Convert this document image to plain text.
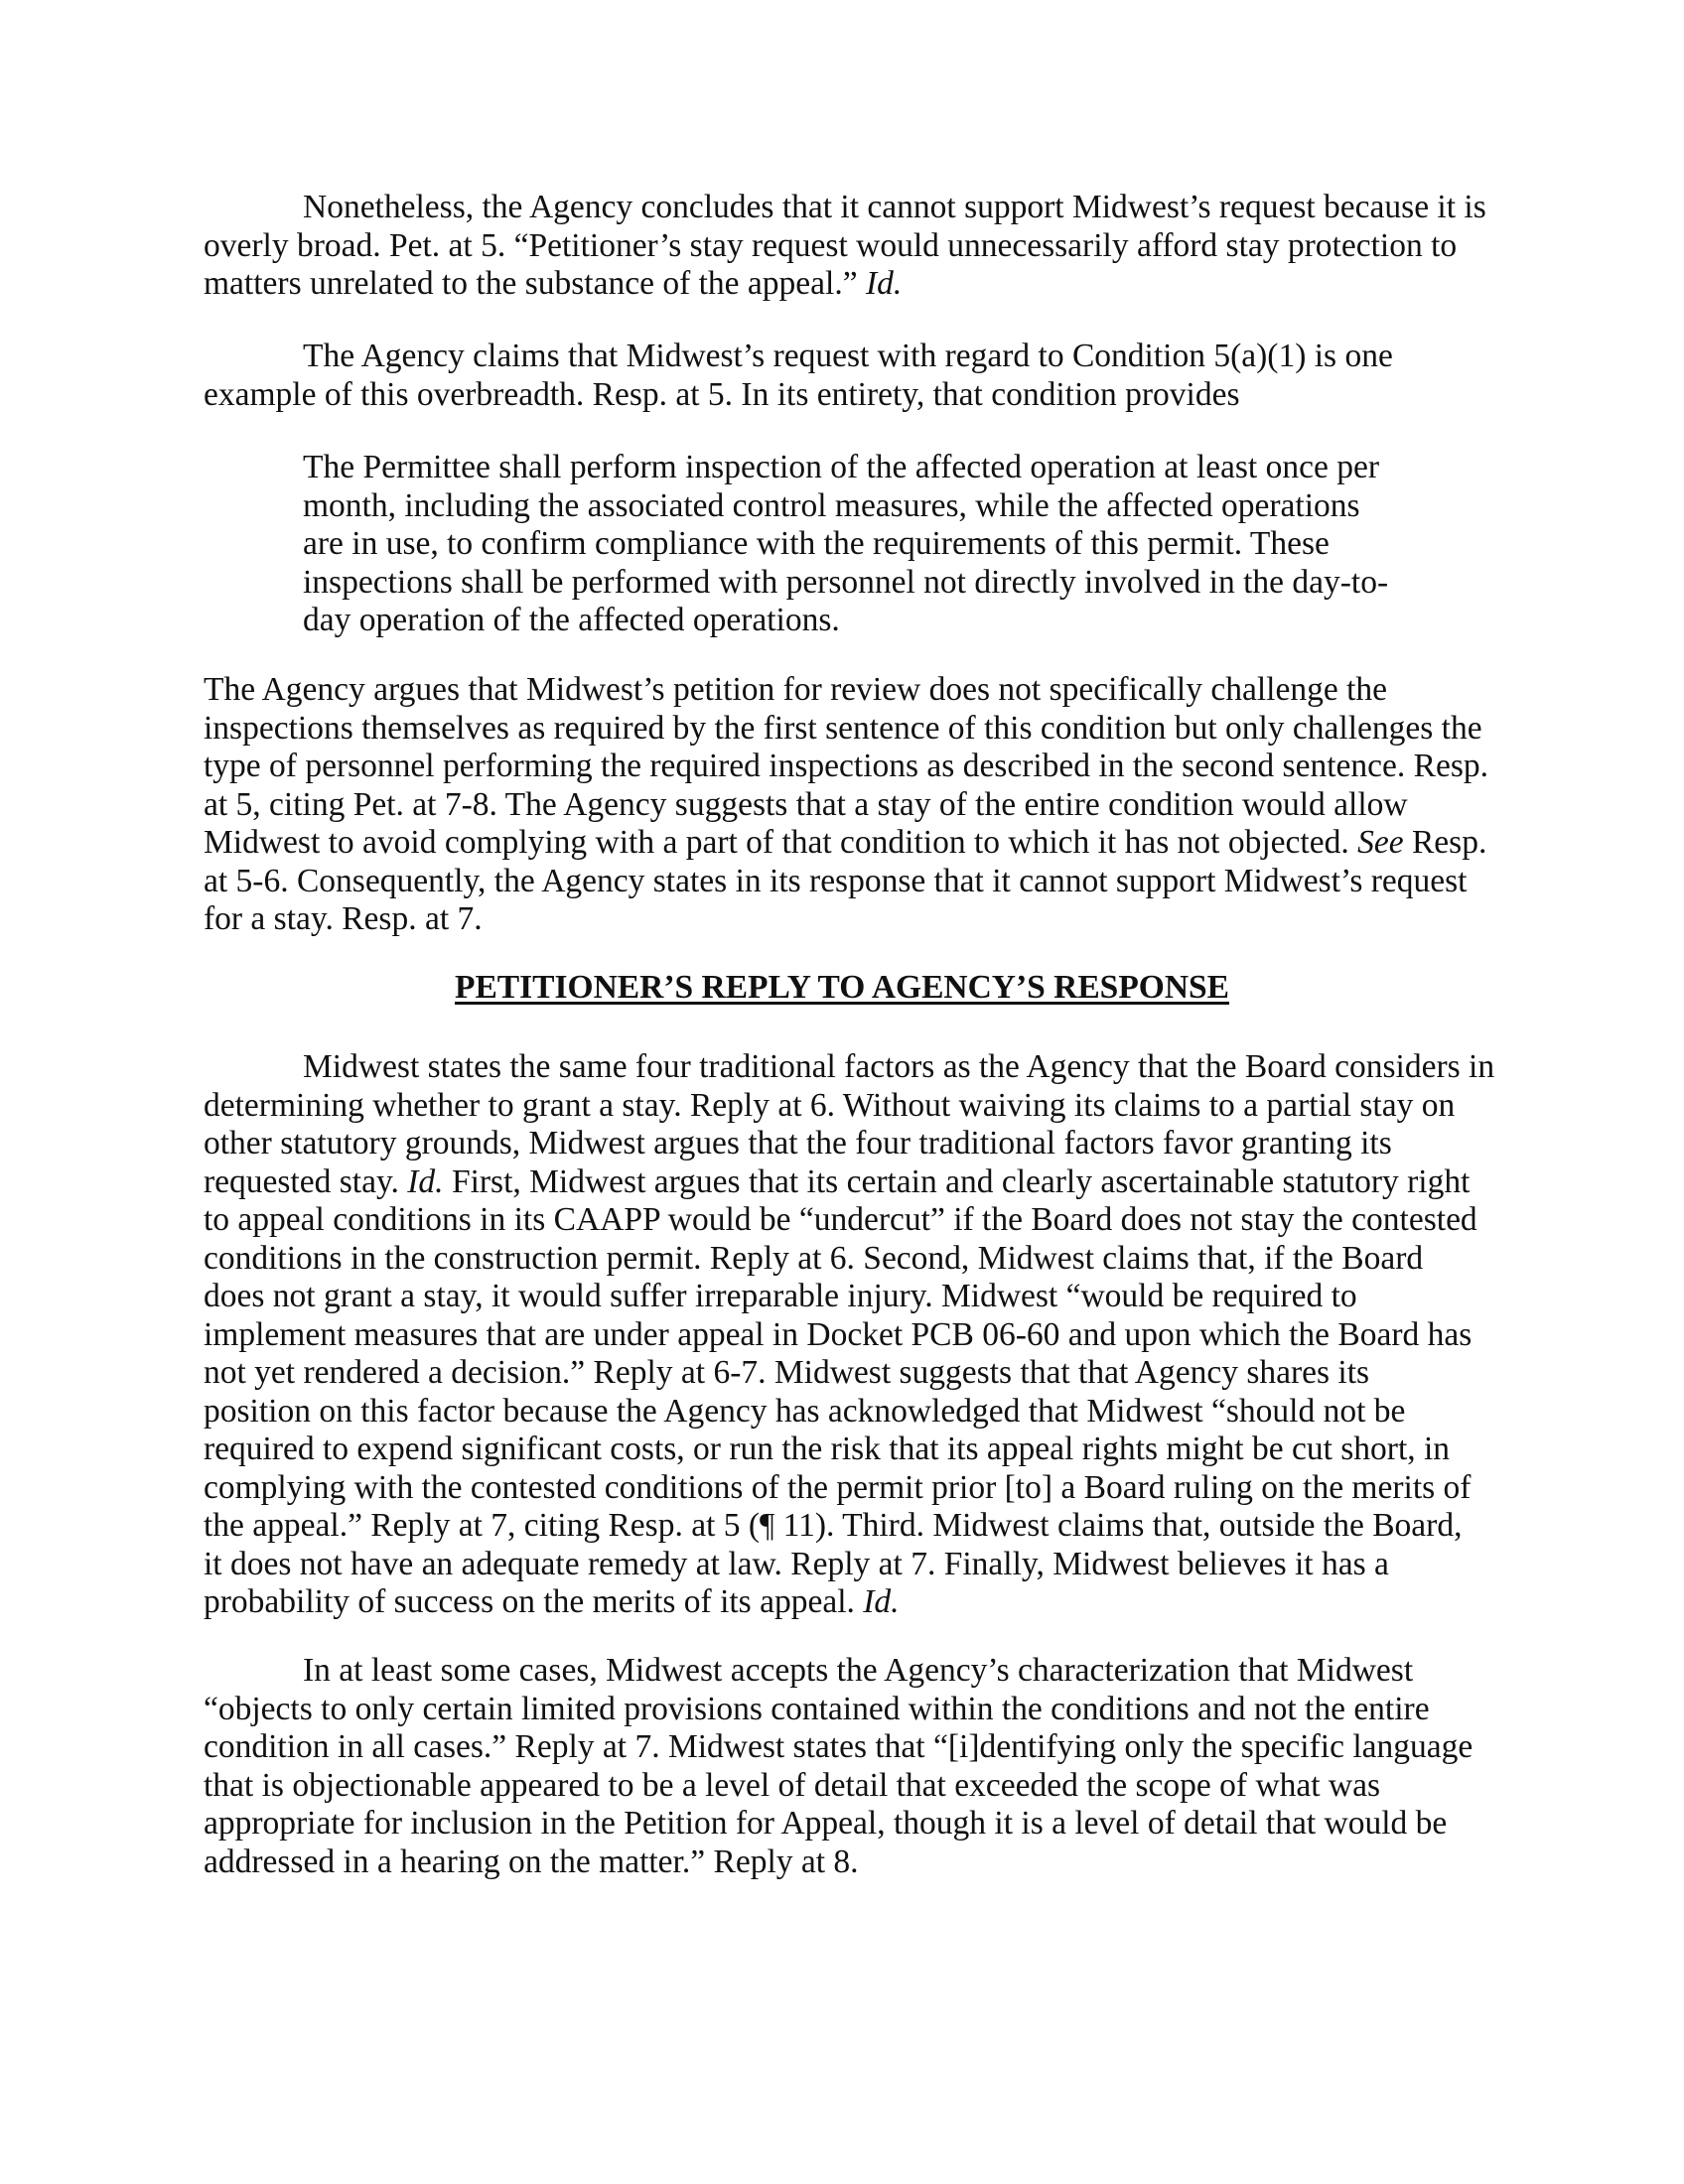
Nonetheless, the Agency concludes that it cannot support Midwest’s request because it is
overly broad. Pet. at 5. “Petitioner’s stay request would unnecessarily afford stay protection to
matters unrelated to the substance of the appeal.” Id.
The Agency claims that Midwest’s request with regard to Condition 5(a)(1) is one
example of this overbreadth. Resp. at 5. In its entirety, that condition provides
The Permittee shall perform inspection of the affected operation at least once per
month, including the associated control measures, while the affected operations
are in use, to confirm compliance with the requirements of this permit. These
inspections shall be performed with personnel not directly involved in the day-to-
day operation of the affected operations.
The Agency argues that Midwest’s petition for review does not specifically challenge the
inspections themselves as required by the first sentence of this condition but only challenges the
type of personnel performing the required inspections as described in the second sentence. Resp.
at 5, citing Pet. at 7-8. The Agency suggests that a stay of the entire condition would allow
Midwest to avoid complying with a part of that condition to which it has not objected. See Resp.
at 5-6. Consequently, the Agency states in its response that it cannot support Midwest’s request
for a stay. Resp. at 7.
PETITIONER’S REPLY TO AGENCY’S RESPONSE
Midwest states the same four traditional factors as the Agency that the Board considers in
determining whether to grant a stay. Reply at 6. Without waiving its claims to a partial stay on
other statutory grounds, Midwest argues that the four traditional factors favor granting its
requested stay. Id. First, Midwest argues that its certain and clearly ascertainable statutory right
to appeal conditions in its CAAPP would be “undercut” if the Board does not stay the contested
conditions in the construction permit. Reply at 6. Second, Midwest claims that, if the Board
does not grant a stay, it would suffer irreparable injury. Midwest “would be required to
implement measures that are under appeal in Docket PCB 06-60 and upon which the Board has
not yet rendered a decision.” Reply at 6-7. Midwest suggests that that Agency shares its
position on this factor because the Agency has acknowledged that Midwest “should not be
required to expend significant costs, or run the risk that its appeal rights might be cut short, in
complying with the contested conditions of the permit prior [to] a Board ruling on the merits of
the appeal.” Reply at 7, citing Resp. at 5 (¶ 11). Third. Midwest claims that, outside the Board,
it does not have an adequate remedy at law. Reply at 7. Finally, Midwest believes it has a
probability of success on the merits of its appeal. Id.
In at least some cases, Midwest accepts the Agency’s characterization that Midwest
“objects to only certain limited provisions contained within the conditions and not the entire
condition in all cases.” Reply at 7. Midwest states that “[i]dentifying only the specific language
that is objectionable appeared to be a level of detail that exceeded the scope of what was
appropriate for inclusion in the Petition for Appeal, though it is a level of detail that would be
addressed in a hearing on the matter.” Reply at 8.
